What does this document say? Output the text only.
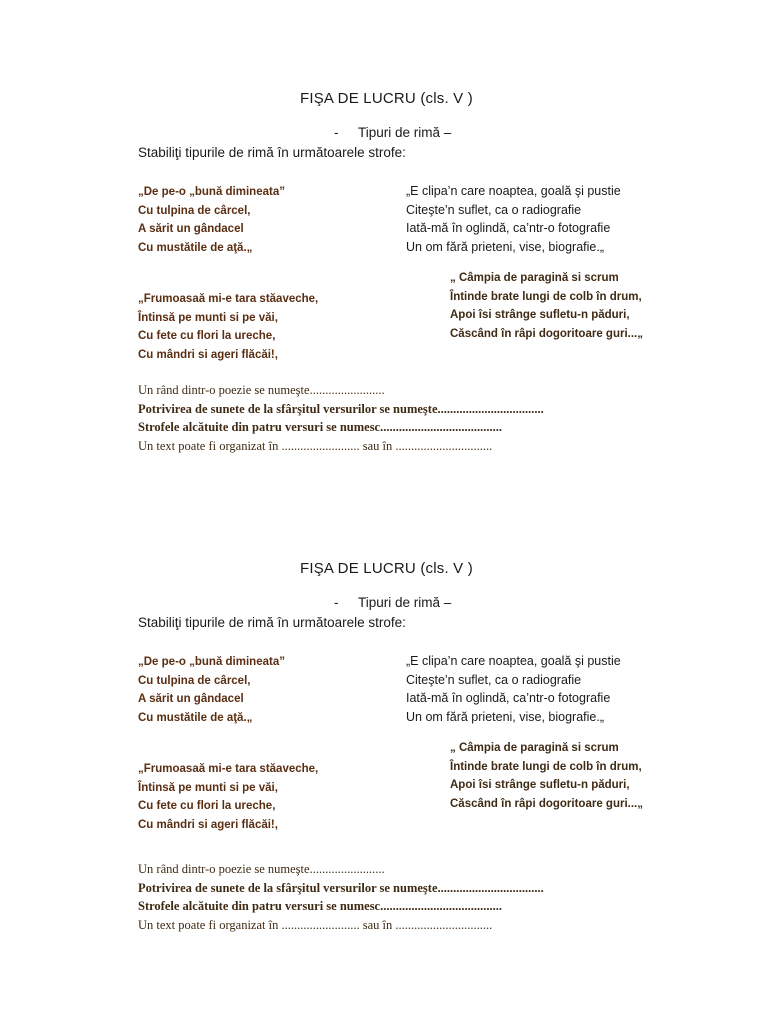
FIŞA DE LUCRU (cls. V )
- Tipuri de rimă –
Stabiliţi tipurile de rimă în următoarele strofe:

„De pe-o „bună dimineata”

Cu tulpina de cârcel,

A sărit un gândacel

Cu mustătile de aţă.„

„E clipa’n care noaptea, goală şi pustie

Citeşte’n suflet, ca o radiografie

Iată-mă în oglindă, ca’ntr-o fotografie

Un om fără prieteni, vise, biografie.„

„Frumoasaă mi-e tara stăaveche,

Întinsă pe munti si pe văi,

Cu fete cu flori la ureche,

Cu mândri si ageri flăcăi!,

„ Câmpia de paragină si scrum

Întinde brate lungi de colb în drum,

Apoi îsi strânge sufletu-n păduri,

Căscând în râpi dogoritoare guri...„

Un rând dintr-o poezie se numeşte........................

Potrivirea de sunete de la sfârşitul versurilor se numeşte..................................

Strofele alcătuite din patru versuri se numesc.......................................

Un text poate fi organizat în ......................... sau în ...............................

FIŞA DE LUCRU (cls. V )
- Tipuri de rimă –
Stabiliţi tipurile de rimă în următoarele strofe:

„De pe-o „bună dimineata”

Cu tulpina de cârcel,

A sărit un gândacel

Cu mustătile de aţă.„

„E clipa’n care noaptea, goală şi pustie

Citeşte’n suflet, ca o radiografie

Iată-mă în oglindă, ca’ntr-o fotografie

Un om fără prieteni, vise, biografie.„

„Frumoasaă mi-e tara stăaveche,

Întinsă pe munti si pe văi,

Cu fete cu flori la ureche,

Cu mândri si ageri flăcăi!,

„ Câmpia de paragină si scrum

Întinde brate lungi de colb în drum,

Apoi îsi strânge sufletu-n păduri,

Căscând în râpi dogoritoare guri...„

Un rând dintr-o poezie se numeşte........................

Potrivirea de sunete de la sfârşitul versurilor se numeşte..................................

Strofele alcătuite din patru versuri se numesc.......................................

Un text poate fi organizat în ......................... sau în ...............................
